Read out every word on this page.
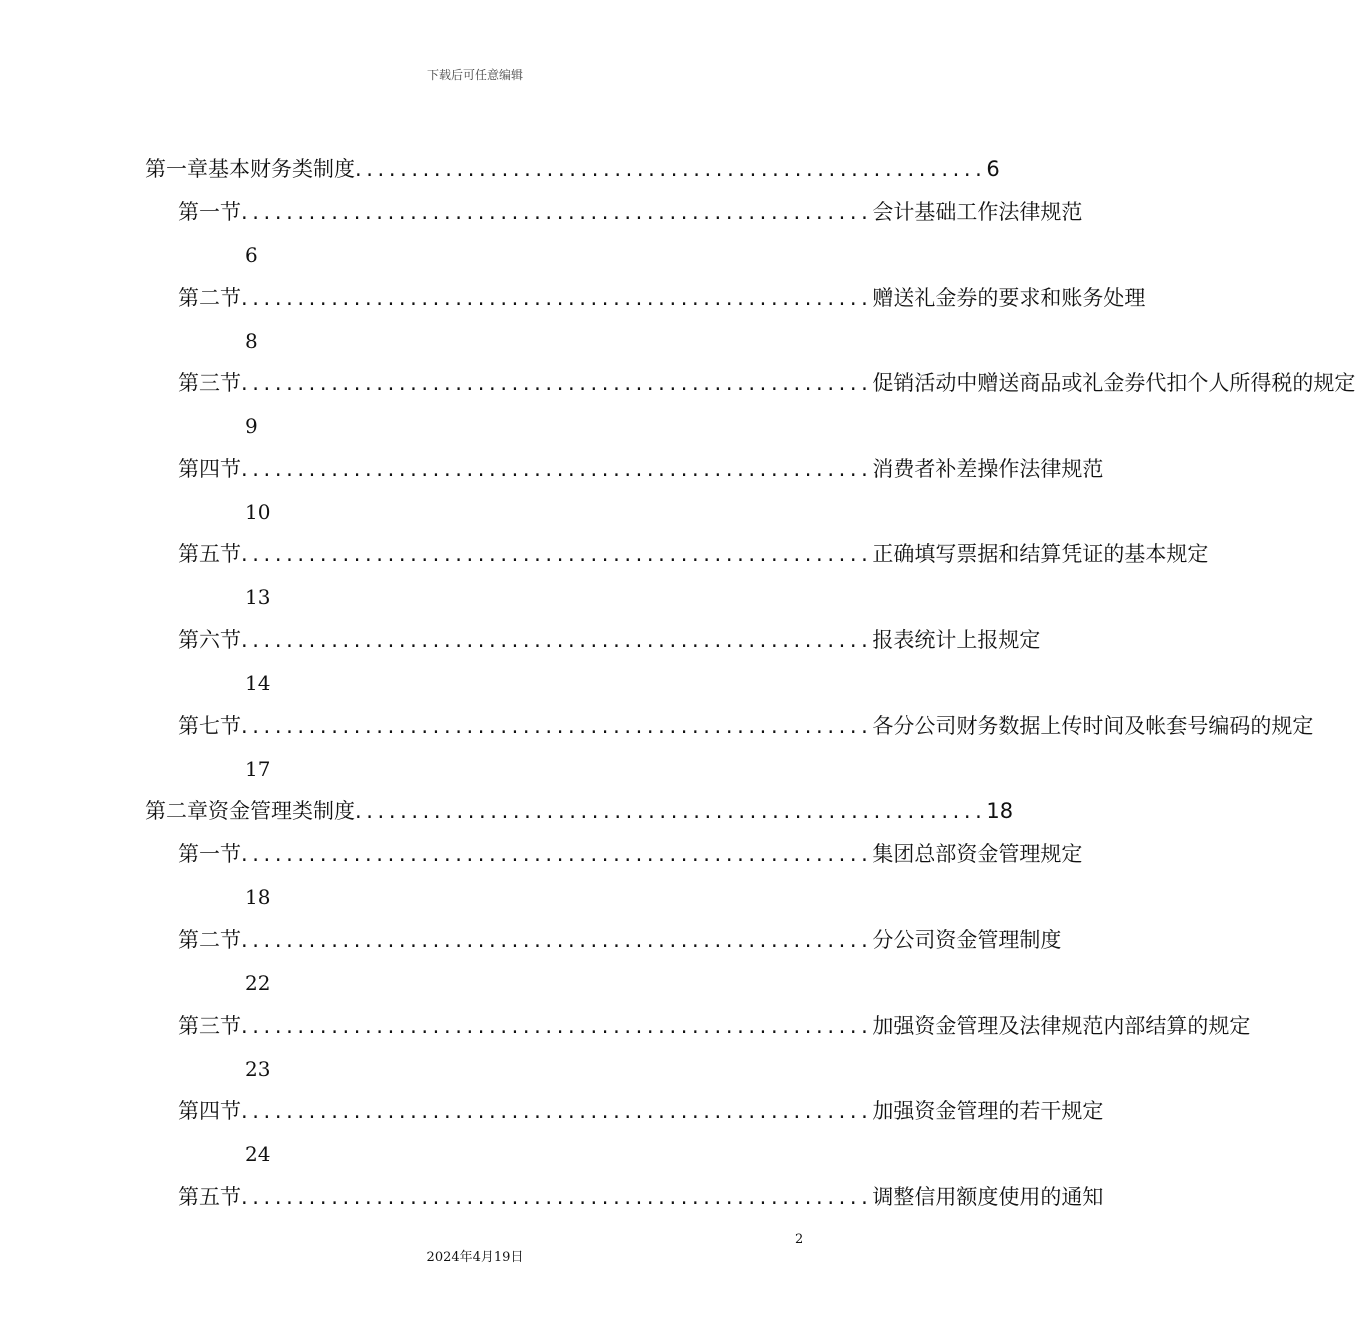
下载后可任意编辑
第一章 基本财务类制度 ........................................................ 6
第一节 ........................................................ 会计基础工作法律规范
6
第二节 ........................................................ 赠送礼金券的要求和账务处理
8
第三节 ........................................................ 促销活动中赠送商品或礼金券代扣个人所得税的规定
9
第四节 ........................................................ 消费者补差操作法律规范
10
第五节 ........................................................ 正确填写票据和结算凭证的基本规定
13
第六节 ........................................................ 报表统计上报规定
14
第七节 ........................................................ 各分公司财务数据上传时间及帐套号编码的规定
17
第二章 资金管理类制度 ........................................................ 18
第一节 ........................................................ 集团总部资金管理规定
18
第二节 ........................................................ 分公司资金管理制度
22
第三节 ........................................................ 加强资金管理及法律规范内部结算的规定
23
第四节 ........................................................ 加强资金管理的若干规定
24
第五节 ........................................................ 调整信用额度使用的通知
2
2024年4月19日
